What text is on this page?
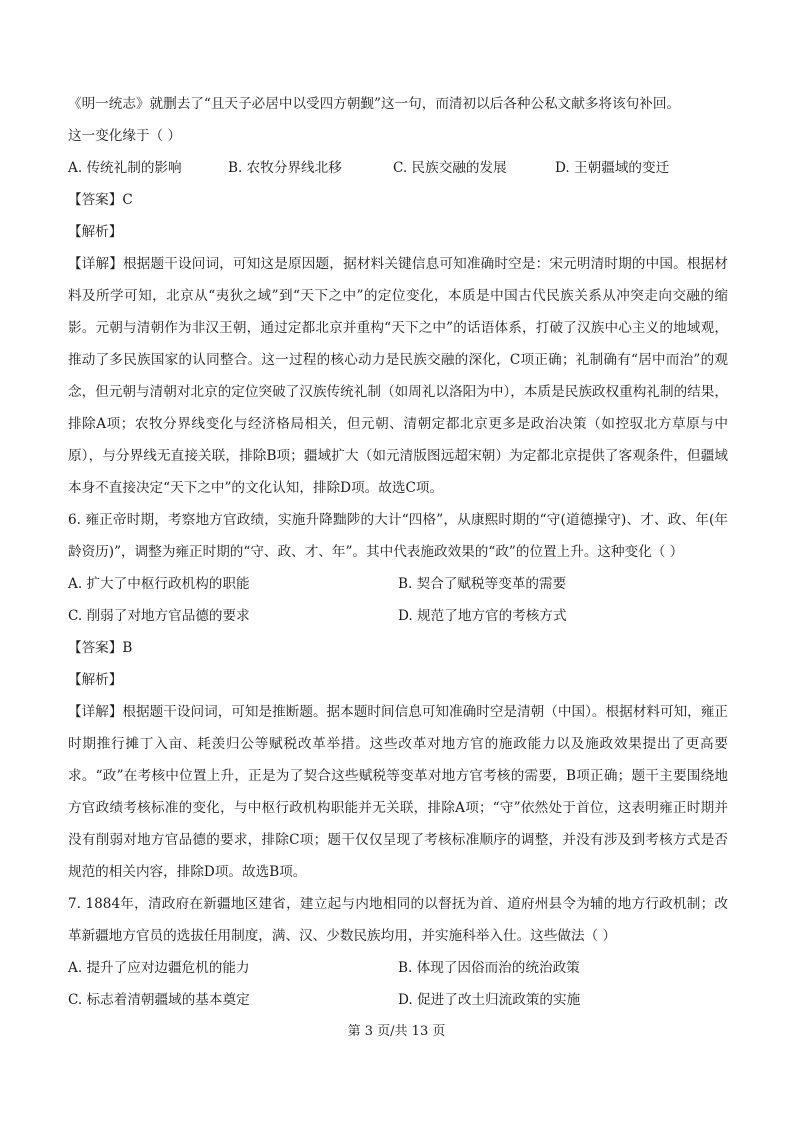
《明一统志》就删去了“且天子必居中以受四方朝觐”这一句，而清初以后各种公私文献多将该句补回。
这一变化缘于（ ）
A. 传统礼制的影响	B. 农牧分界线北移	C. 民族交融的发展	D. 王朝疆域的变迁
【答案】C
【解析】
【详解】根据题干设问词，可知这是原因题，据材料关键信息可知准确时空是：宋元明清时期的中国。根据材料及所学可知，北京从“夷狄之域”到“天下之中”的定位变化，本质是中国古代民族关系从冲突走向交融的缩影。元朝与清朝作为非汉王朝，通过定都北京并重构“天下之中”的话语体系，打破了汉族中心主义的地域观，推动了多民族国家的认同整合。这一过程的核心动力是民族交融的深化，C项正确；礼制确有“居中而治”的观念，但元朝与清朝对北京的定位突破了汉族传统礼制（如周礼以洛阳为中），本质是民族政权重构礼制的结果，排除A项；农牧分界线变化与经济格局相关，但元朝、清朝定都北京更多是政治决策（如控驭北方草原与中原），与分界线无直接关联，排除B项；疆域扩大（如元清版图远超宋朝）为定都北京提供了客观条件，但疆域本身不直接决定“天下之中”的文化认知，排除D项。故选C项。
6. 雍正帝时期，考察地方官政绩，实施升降黜陟的大计“四格”，从康熙时期的“守(道德操守)、才、政、年(年龄资历)”，调整为雍正时期的“守、政、才、年”。其中代表施政效果的“政”的位置上升。这种变化（ ）
A. 扩大了中枢行政机构的职能	B. 契合了赋税等变革的需要
C. 削弱了对地方官品德的要求	D. 规范了地方官的考核方式
【答案】B
【解析】
【详解】根据题干设问词，可知是推断题。据本题时间信息可知准确时空是清朝（中国）。根据材料可知，雍正时期推行摊丁入亩、耗羡归公等赋税改革举措。这些改革对地方官的施政能力以及施政效果提出了更高要求。“政”在考核中位置上升，正是为了契合这些赋税等变革对地方官考核的需要，B项正确；题干主要围绕地方官政绩考核标准的变化，与中枢行政机构职能并无关联，排除A项；“守”依然处于首位，这表明雍正时期并没有削弱对地方官品德的要求，排除C项；题干仅仅呈现了考核标准顺序的调整，并没有涉及到考核方式是否规范的相关内容，排除D项。故选B项。
7. 1884年，清政府在新疆地区建省，建立起与内地相同的以督抚为首、道府州县令为辅的地方行政机制；改革新疆地方官员的选拔任用制度，满、汉、少数民族均用，并实施科举入仕。这些做法（ ）
A. 提升了应对边疆危机的能力	B. 体现了因俗而治的统治政策
C. 标志着清朝疆域的基本奠定	D. 促进了改土归流政策的实施
第 3 页/共 13 页
